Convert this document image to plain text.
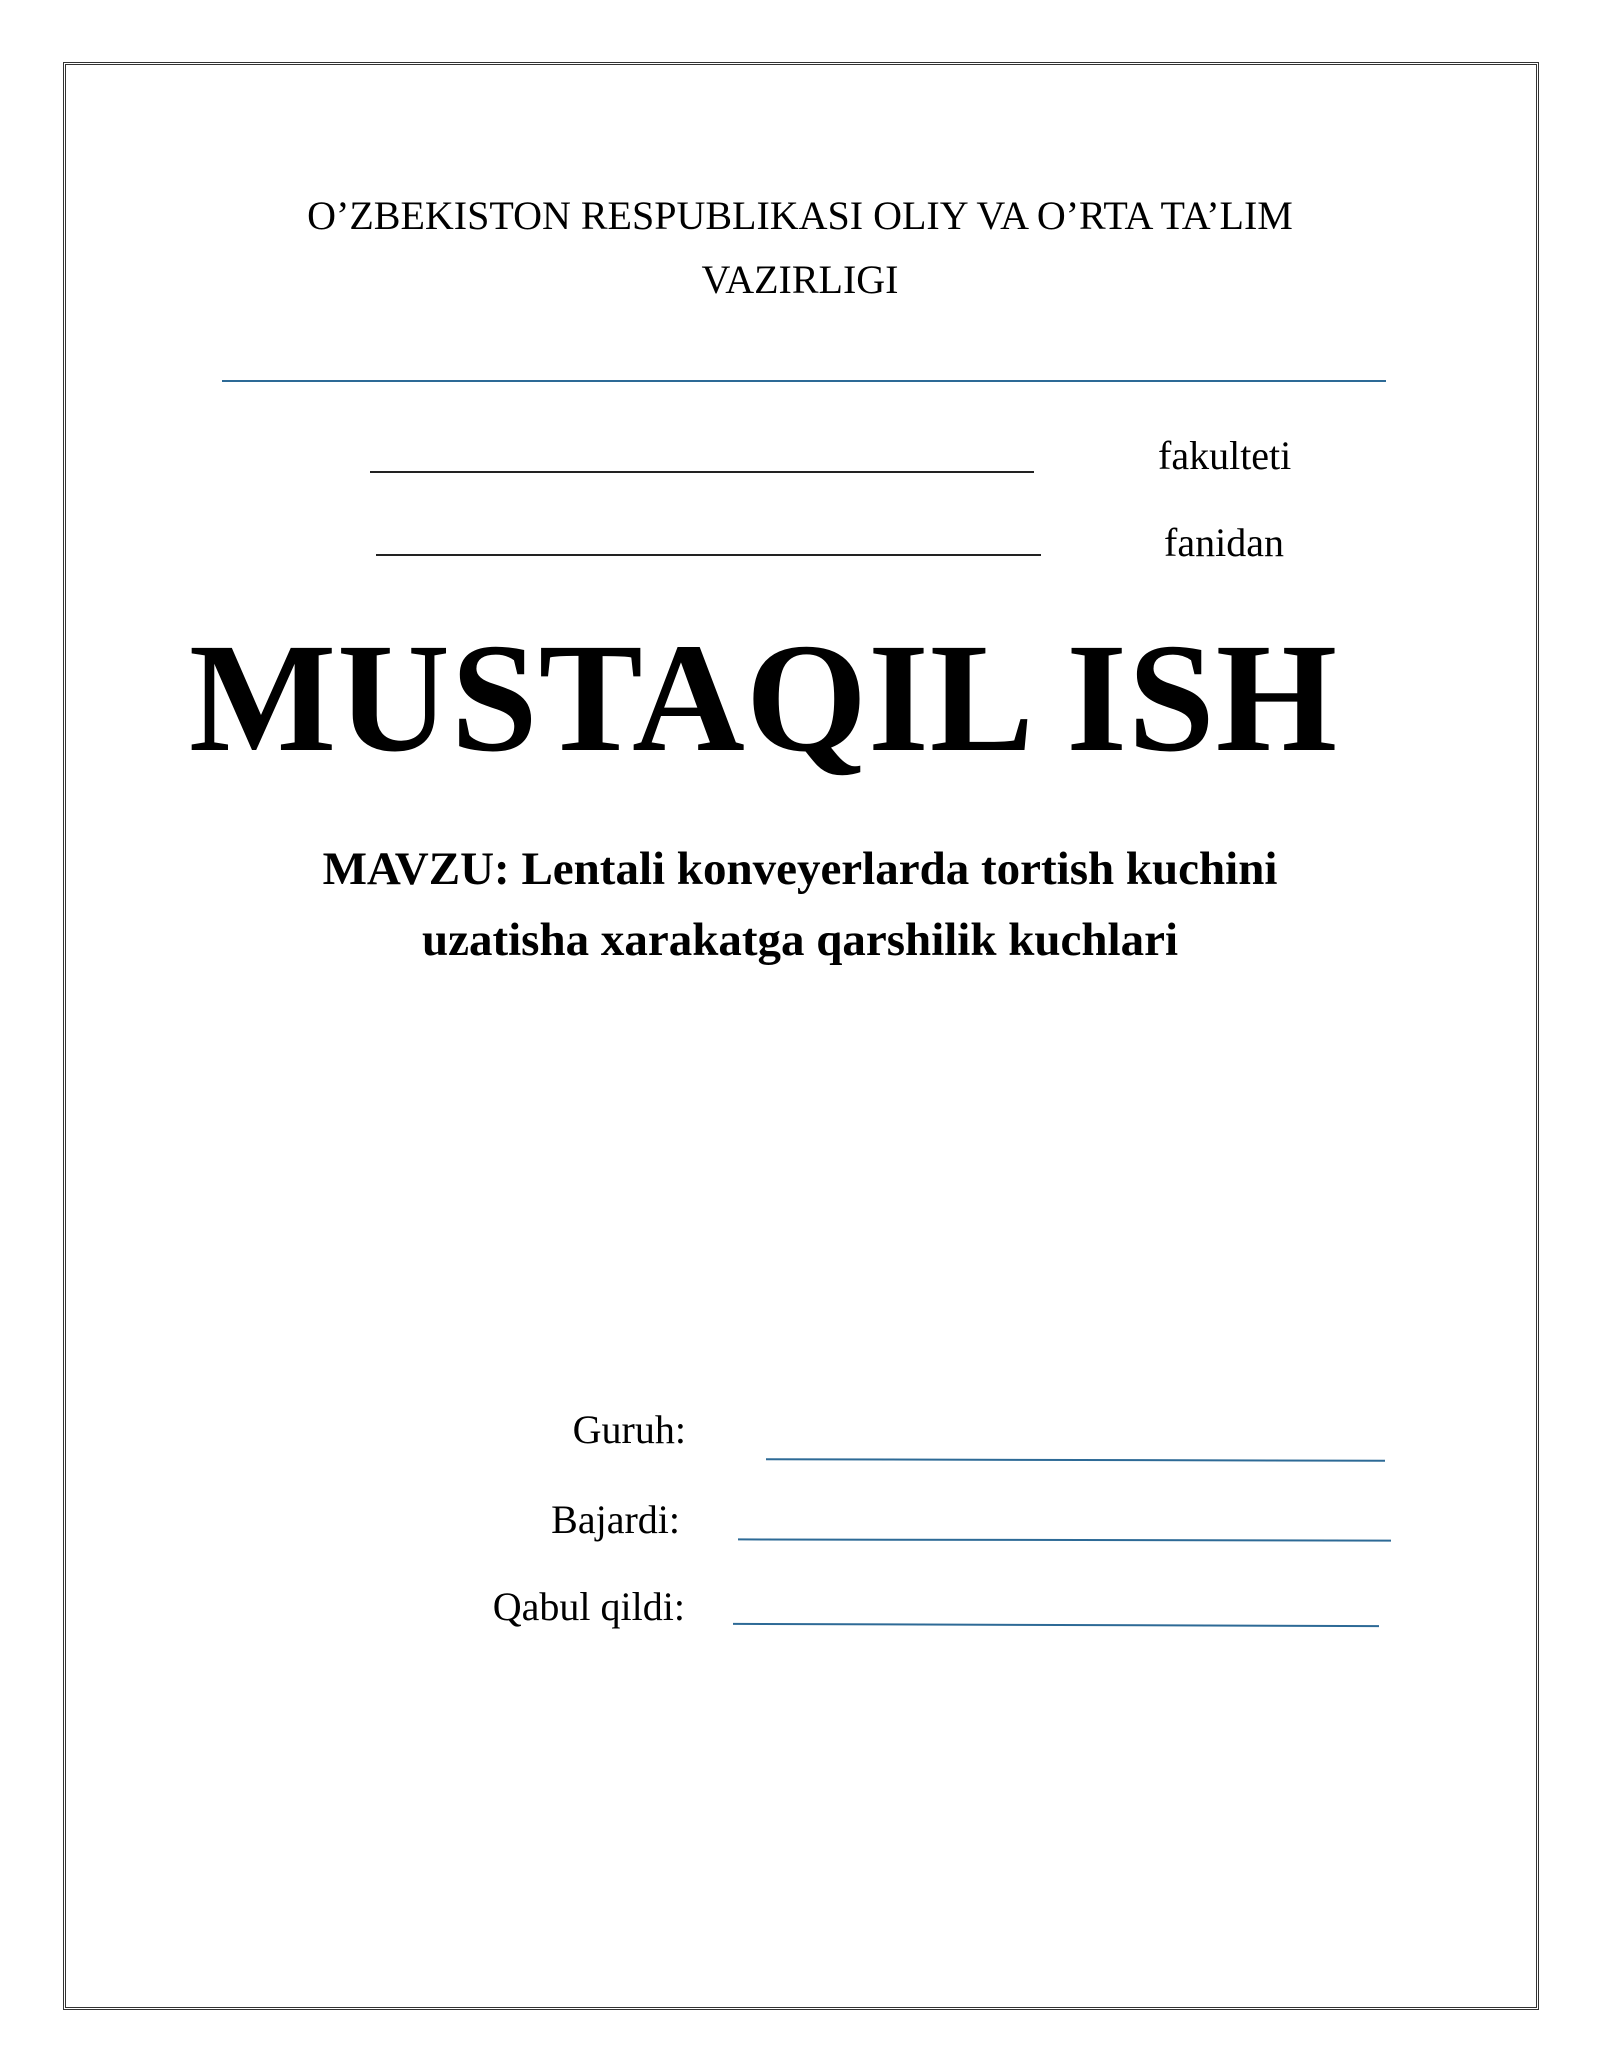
O’ZBEKISTON RESPUBLIKASI OLIY VA O’RTA TA’LIM
VAZIRLIGI
fakulteti
fanidan
MUSTAQIL ISH
MAVZU: Lentali konveyerlarda tortish kuchini
uzatisha xarakatga qarshilik kuchlari
Guruh:
Bajardi:
Qabul qildi:
